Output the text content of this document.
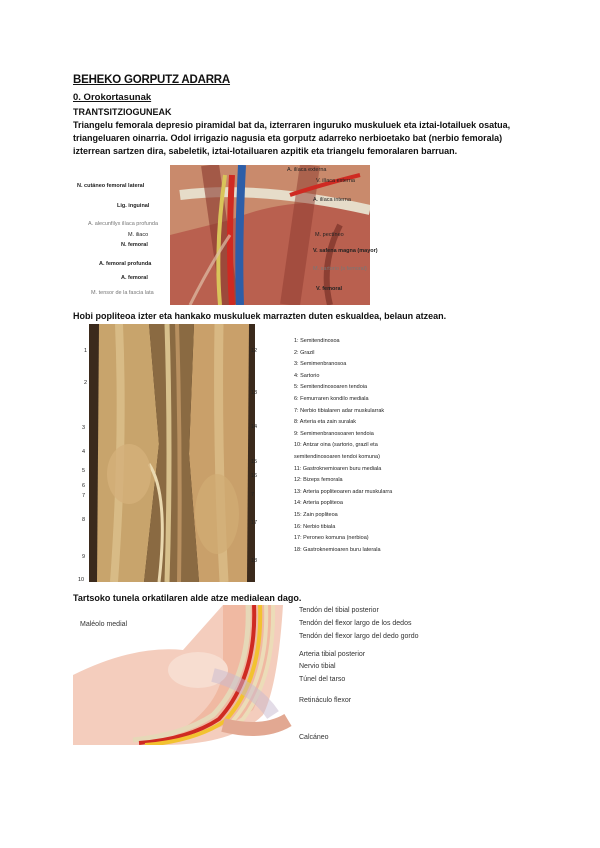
BEHEKO GORPUTZ ADARRA
0. Orokortasunak
TRANTSITZIOGUNEAK
Triangelu femorala depresio piramidal bat da, izterraren inguruko muskuluek eta iztai-lotailuek osatua, triangeluaren oinarria. Odol irrigazio nagusia eta gorputz adarreko nerbioetako bat (nerbio femorala) izterrean sartzen dira, sabeletik, iztai-lotailuaren azpitik eta triangelu femoralaren barruan.
N. cutáneo femoral lateral
Lig. inguinal
A. alecunfilyx ilíaca profunda
M. iliaco
N. femoral
A. femoral profunda
A. femoral
M. tensor de la fascia lata
A. ilíaca externa
V. ilíaca externa
A. ilíaca interna
M. pectíneo
V. safena magna (mayor)
M. sartorio (s femoral)
V. femoral
Hobi popliteoa izter eta hankako muskuluek marrazten duten eskualdea, belaun atzean.
1
2
3
4
5
6
7
8
9
10
12
13
14
15
16
7
17
18
1: Semitendinosoa
2: Grazil
3: Semimenbranosoa
4: Sartorio
5: Semitendinosoaren tendoia
6: Femurraren kondilo mediala
7: Nerbio tibialaren adar muskularrak
8: Arteria eta zain suralak
9: Semimenbranosoaren tendoia
10: Antzar oina (sartorio, grazil eta
semitendinosoaren tendoi komuna)
11: Gastroknemioaren buru mediala
12: Bizeps femorala
13: Arteria popliteoaren adar muskularra
14: Arteria popliteoa
15: Zain popliteoa
16: Nerbio tibiala
17: Peroneo komuna (nerbioa)
18: Gastroknemioaren buru laterala
Tartsoko tunela orkatilaren alde atze medialean dago.
Maléolo medial
Tendón del tibial posterior
Tendón del flexor largo de los dedos
Tendón del flexor largo del dedo gordo
Arteria tibial posterior
Nervio tibial
Túnel del tarso
Retináculo flexor
Calcáneo
